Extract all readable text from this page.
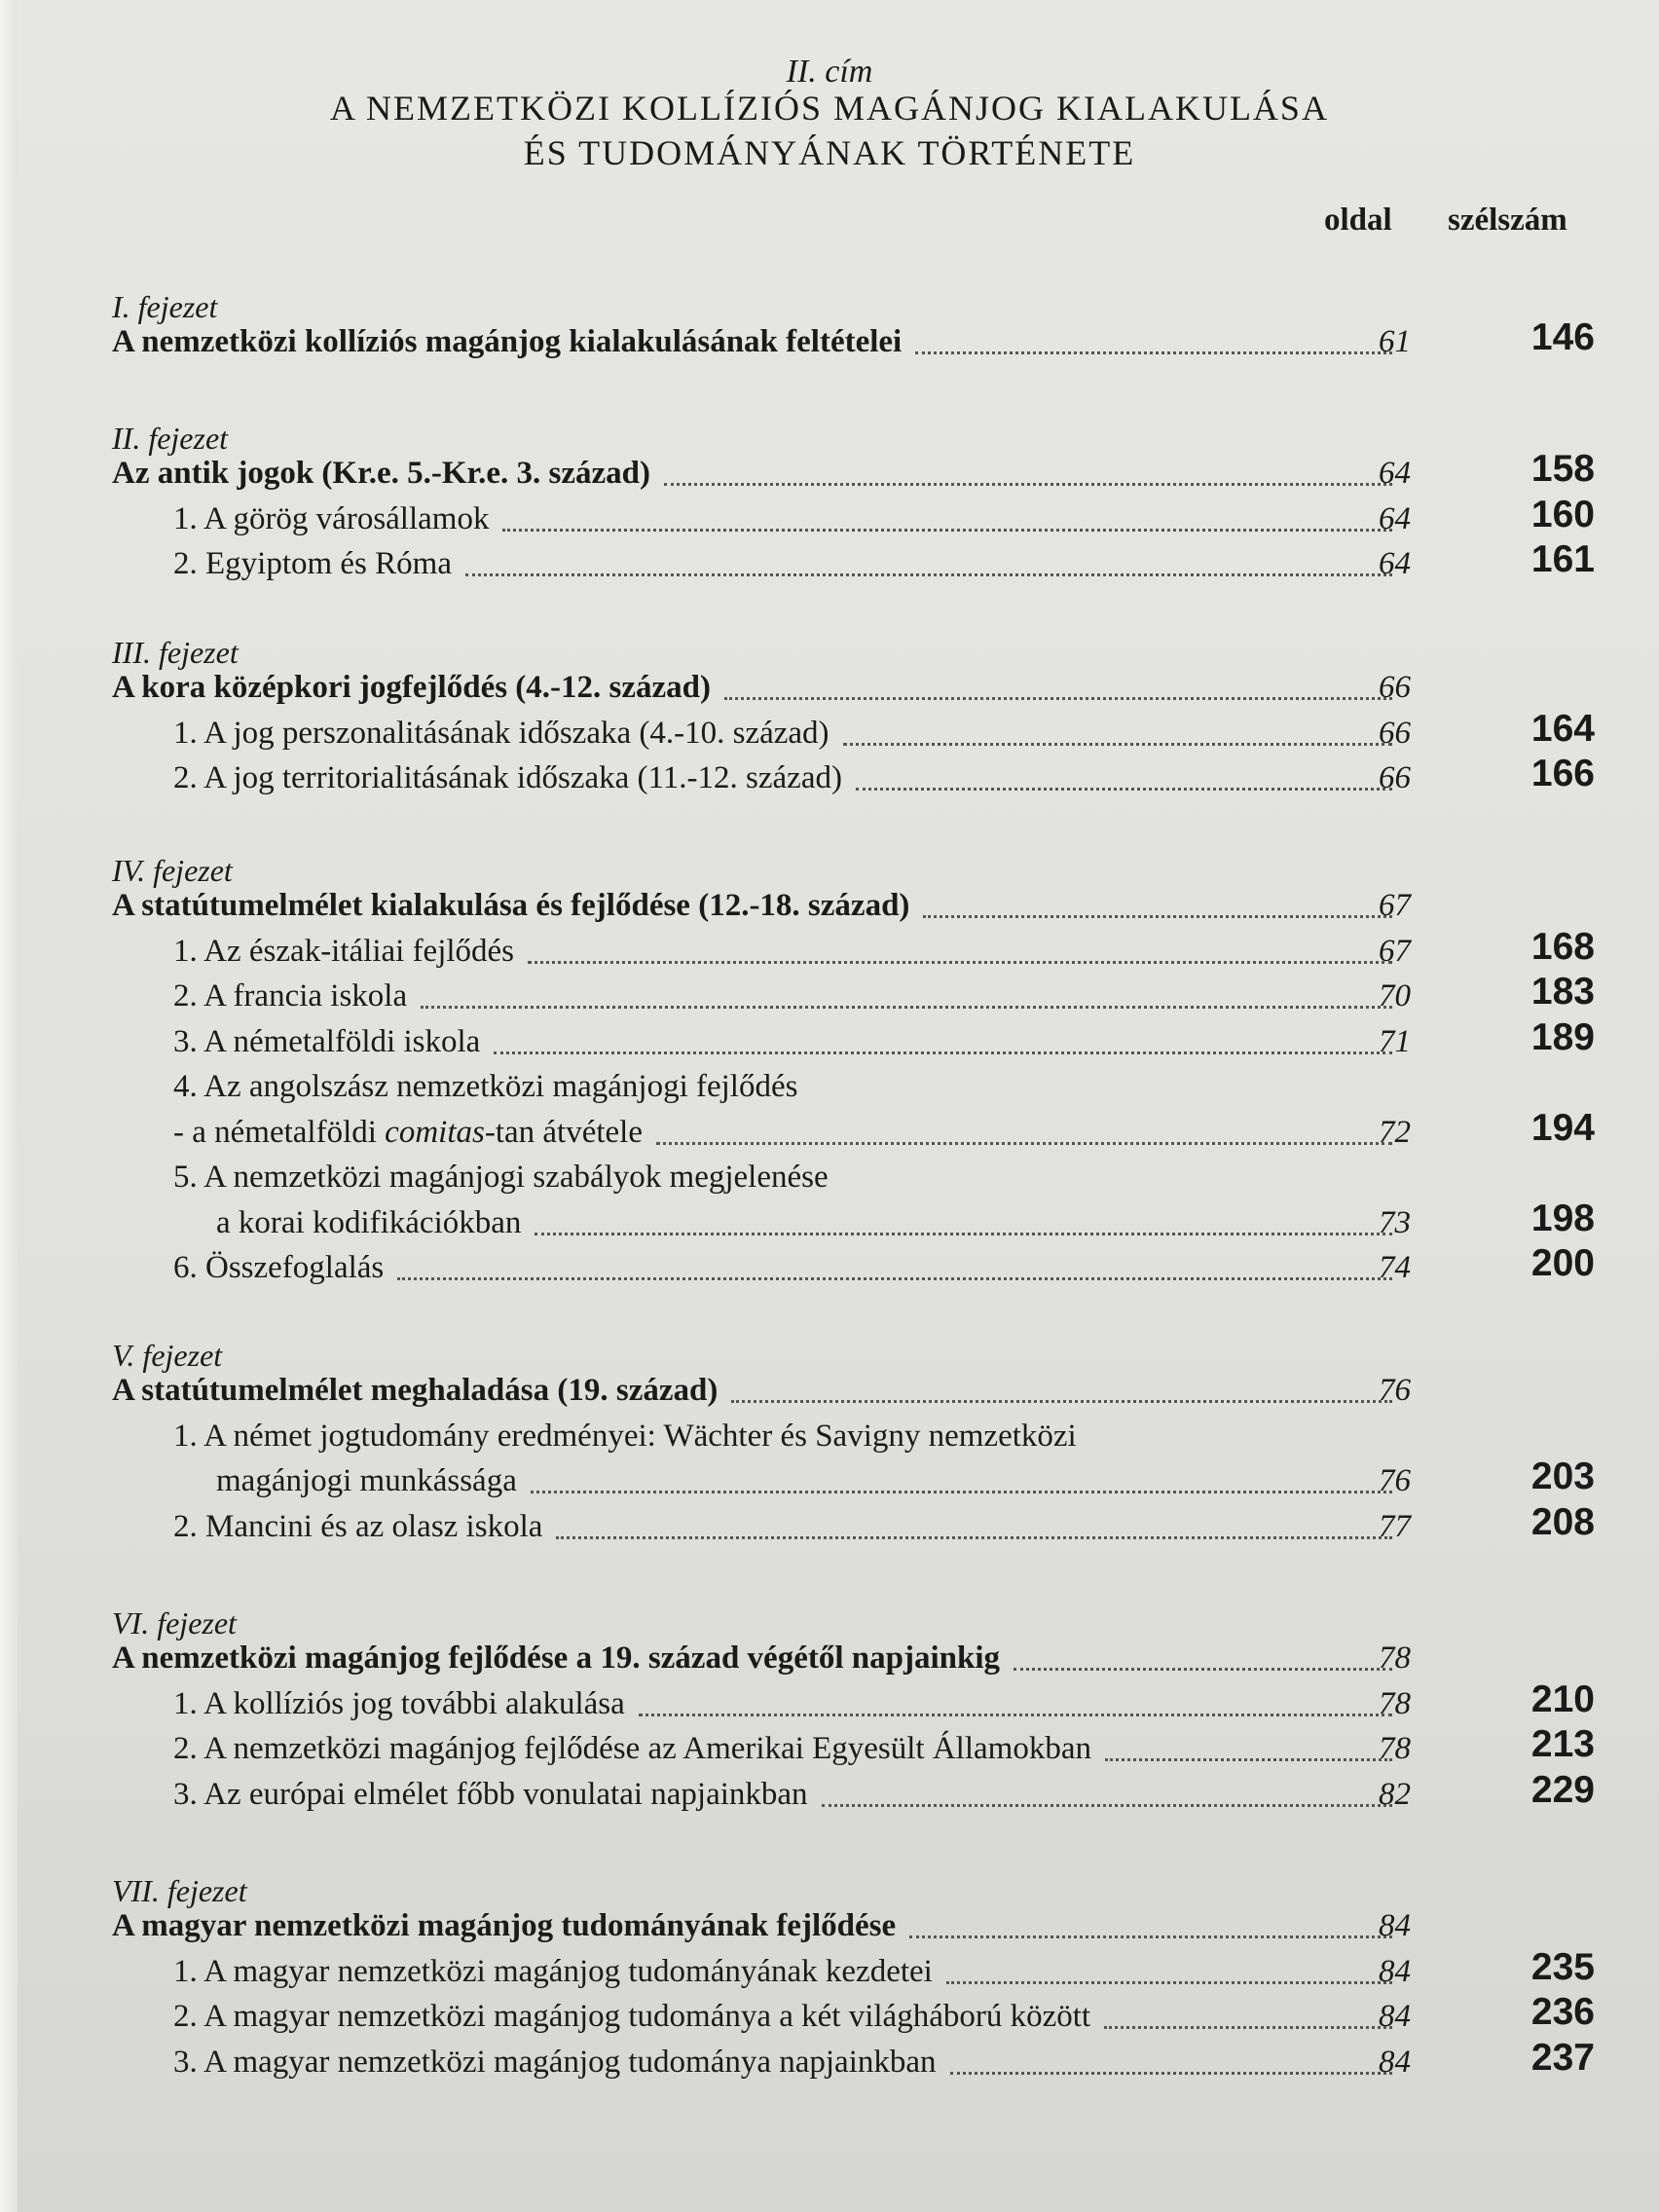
II. cím
A NEMZETKÖZI KOLLÍZIÓS MAGÁNJOG KIALAKULÁSA
ÉS TUDOMÁNYÁNAK TÖRTÉNETE
oldal szélszám
I. fejezet
A nemzetközi kollíziós magánjog kialakulásának feltételei	61	146
II. fejezet
Az antik jogok (Kr.e. 5.-Kr.e. 3. század)	64	158
1. A görög városállamok	64	160
2. Egyiptom és Róma	64	161
III. fejezet
A kora középkori jogfejlődés (4.-12. század)	66
1. A jog perszonalitásának időszaka (4.-10. század)	66	164
2. A jog territorialitásának időszaka (11.-12. század)	66	166
IV. fejezet
A statútumelmélet kialakulása és fejlődése (12.-18. század)	67
1. Az észak-itáliai fejlődés	67	168
2. A francia iskola	70	183
3. A németalföldi iskola	71	189
4. Az angolszász nemzetközi magánjogi fejlődés
- a németalföldi comitas-tan átvétele	72	194
5. A nemzetközi magánjogi szabályok megjelenése
a korai kodifikációkban	73	198
6. Összefoglalás	74	200
V. fejezet
A statútumelmélet meghaladása (19. század)	76
1. A német jogtudomány eredményei: Wächter és Savigny nemzetközi
magánjogi munkássága	76	203
2. Mancini és az olasz iskola	77	208
VI. fejezet
A nemzetközi magánjog fejlődése a 19. század végétől napjainkig	78
1. A kollíziós jog további alakulása	78	210
2. A nemzetközi magánjog fejlődése az Amerikai Egyesült Államokban	78	213
3. Az európai elmélet főbb vonulatai napjainkban	82	229
VII. fejezet
A magyar nemzetközi magánjog tudományának fejlődése	84
1. A magyar nemzetközi magánjog tudományának kezdetei	84	235
2. A magyar nemzetközi magánjog tudománya a két világháború között	84	236
3. A magyar nemzetközi magánjog tudománya napjainkban	84	237
